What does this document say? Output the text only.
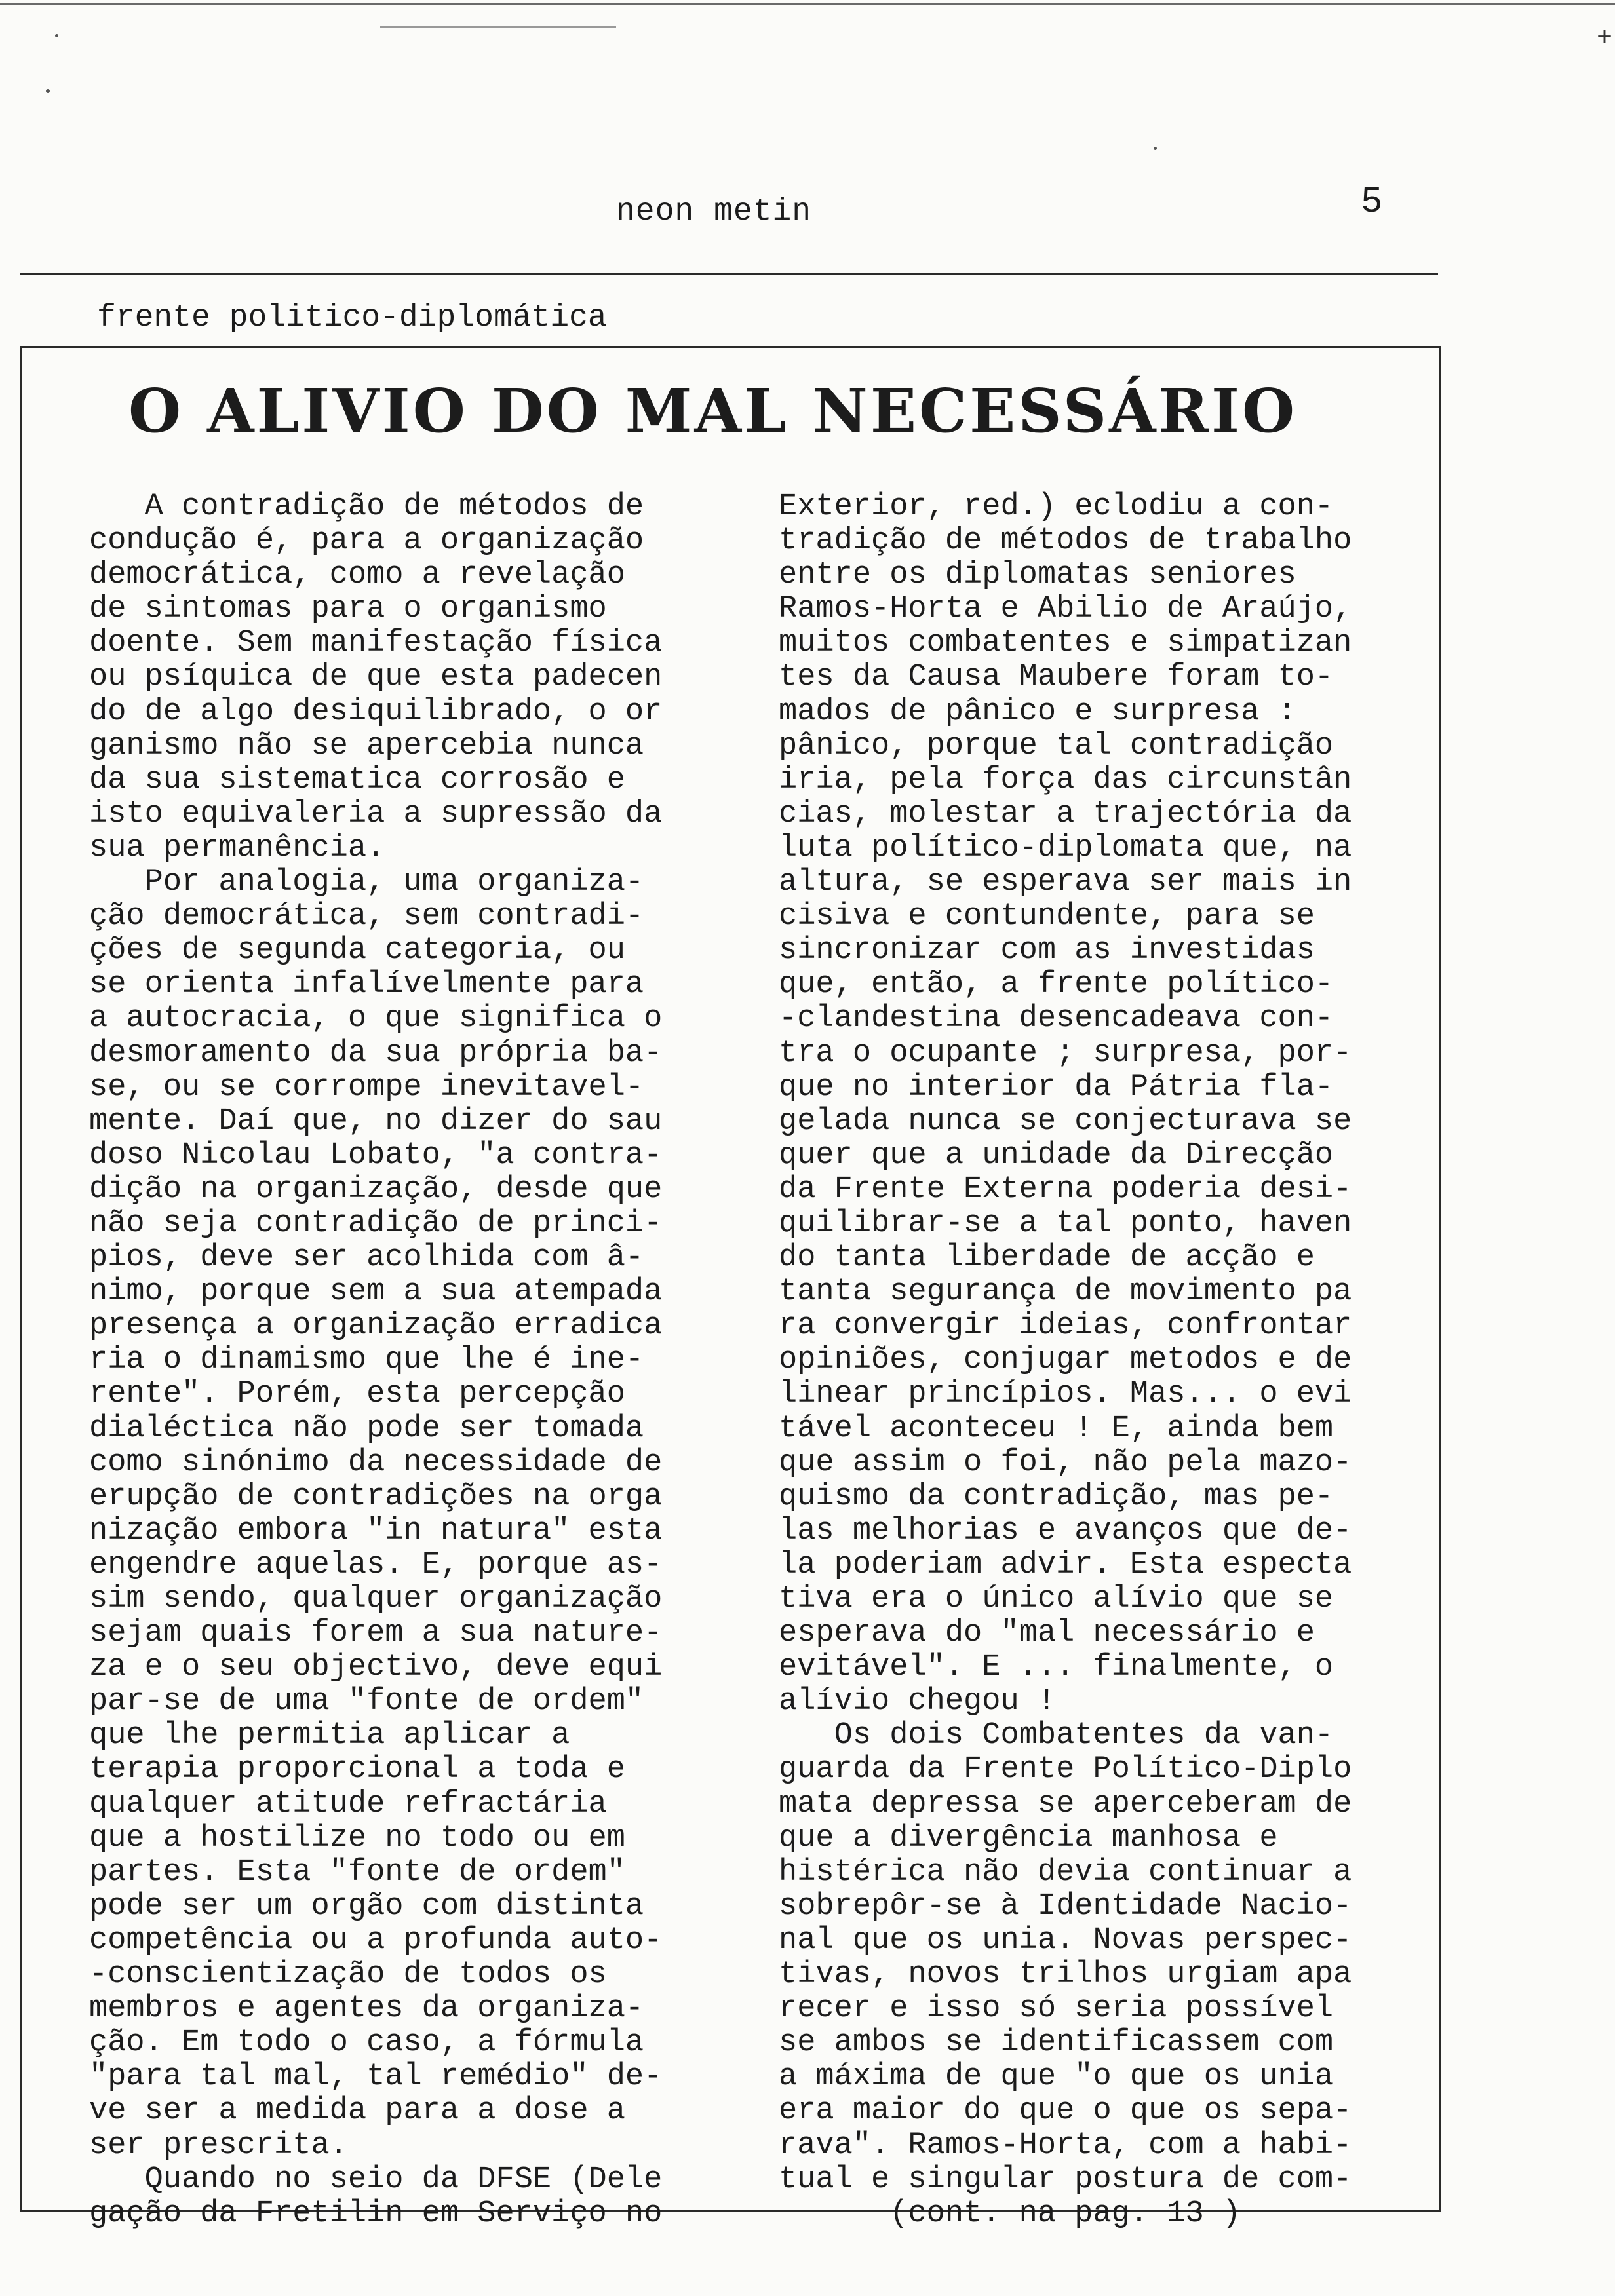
+
neon metin	5
frente politico-diplomática
O ALIVIO DO MAL NECESSÁRIO
A contradição de métodos de
condução é, para a organização
democrática, como a revelação
de sintomas para o organismo
doente. Sem manifestação física
ou psíquica de que esta padecen
do de algo desiquilibrado, o or
ganismo não se apercebia nunca
da sua sistematica corrosão e
isto equivaleria a supressão da
sua permanência.
Por analogia, uma organiza-
ção democrática, sem contradi-
ções de segunda categoria, ou
se orienta infalívelmente para
a autocracia, o que significa o
desmoramento da sua própria ba-
se, ou se corrompe inevitavel-
mente. Daí que, no dizer do sau
doso Nicolau Lobato, "a contra-
dição na organização, desde que
não seja contradição de princi-
pios, deve ser acolhida com â-
nimo, porque sem a sua atempada
presença a organização erradica
ria o dinamismo que lhe é ine-
rente". Porém, esta percepção
dialéctica não pode ser tomada
como sinónimo da necessidade de
erupção de contradições na orga
nização embora "in natura" esta
engendre aquelas. E, porque as-
sim sendo, qualquer organização
sejam quais forem a sua nature-
za e o seu objectivo, deve equi
par-se de uma "fonte de ordem"
que lhe permitia aplicar a
terapia proporcional a toda e
qualquer atitude refractária
que a hostilize no todo ou em
partes. Esta "fonte de ordem"
pode ser um orgão com distinta
competência ou a profunda auto-
-conscientização de todos os
membros e agentes da organiza-
ção. Em todo o caso, a fórmula
"para tal mal, tal remédio" de-
ve ser a medida para a dose a
ser prescrita.
Quando no seio da DFSE (Dele
gação da Fretilin em Serviço no
Exterior, red.) eclodiu a con-
tradição de métodos de trabalho
entre os diplomatas seniores
Ramos-Horta e Abilio de Araújo,
muitos combatentes e simpatizan
tes da Causa Maubere foram to-
mados de pânico e surpresa :
pânico, porque tal contradição
iria, pela força das circunstân
cias, molestar a trajectória da
luta político-diplomata que, na
altura, se esperava ser mais in
cisiva e contundente, para se
sincronizar com as investidas
que, então, a frente político-
-clandestina desencadeava con-
tra o ocupante ; surpresa, por-
que no interior da Pátria fla-
gelada nunca se conjecturava se
quer que a unidade da Direcção
da Frente Externa poderia desi-
quilibrar-se a tal ponto, haven
do tanta liberdade de acção e
tanta segurança de movimento pa
ra convergir ideias, confrontar
opiniões, conjugar metodos e de
linear princípios. Mas... o evi
tável aconteceu ! E, ainda bem
que assim o foi, não pela mazo-
quismo da contradição, mas pe-
las melhorias e avanços que de-
la poderiam advir. Esta especta
tiva era o único alívio que se
esperava do "mal necessário e
evitável". E ... finalmente, o
alívio chegou !
Os dois Combatentes da van-
guarda da Frente Político-Diplo
mata depressa se aperceberam de
que a divergência manhosa e
histérica não devia continuar a
sobrepôr-se à Identidade Nacio-
nal que os unia. Novas perspec-
tivas, novos trilhos urgiam apa
recer e isso só seria possível
se ambos se identificassem com
a máxima de que "o que os unia
era maior do que o que os sepa-
rava". Ramos-Horta, com a habi-
tual e singular postura de com-
(cont. na pag. 13 )
